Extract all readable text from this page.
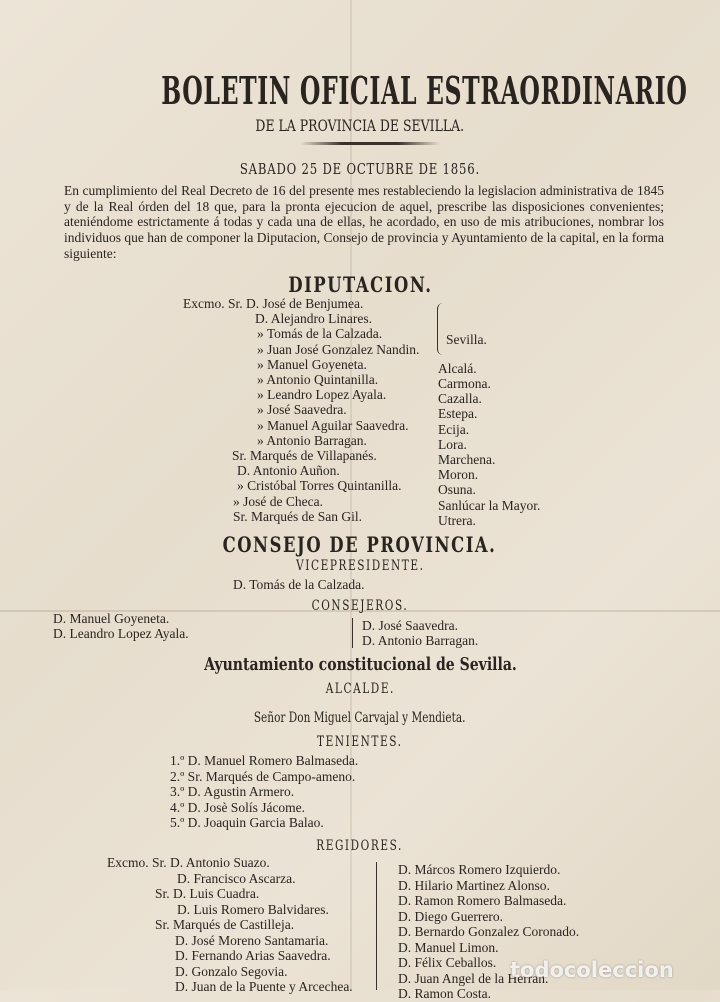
BOLETIN OFICIAL ESTRAORDINARIO
DE LA PROVINCIA DE SEVILLA.
SABADO 25 DE OCTUBRE DE 1856.
En cumplimiento del Real Decreto de 16 del presente mes restableciendo la legislacion administrativa de 1845 y de la Real órden del 18 que, para la pronta ejecucion de aquel, prescribe las disposiciones convenientes; ateniéndome estrictamente á todas y cada una de ellas, he acordado, en uso de mis atribuciones, nombrar los individuos que han de componer la Diputacion, Consejo de provincia y Ayuntamiento de la capital, en la forma siguiente:
DIPUTACION.
Excmo. Sr. D. José de Benjumea.
D. Alejandro Linares.
» Tomás de la Calzada.	Sevilla.
» Juan José Gonzalez Nandin.
» Manuel Goyeneta.	Alcalá.
» Antonio Quintanilla.	Carmona.
» Leandro Lopez Ayala.	Cazalla.
» José Saavedra.	Estepa.
» Manuel Aguilar Saavedra. Ecija.
» Antonio Barragan.	Lora.
Sr. Marqués de Villapanés.	Marchena.
D. Antonio Auñon.	Moron.
» Cristóbal Torres Quintanilla.	Osuna.
» José de Checa.	Sanlúcar la Mayor.
Sr. Marqués de San Gil.	Utrera.
CONSEJO DE PROVINCIA.
VICEPRESIDENTE.
D. Tomás de la Calzada.
CONSEJEROS.
D. Manuel Goyeneta.
D. Leandro Lopez Ayala.
D. José Saavedra.
D. Antonio Barragan.
Ayuntamiento constitucional de Sevilla.
ALCALDE.
Señor Don Miguel Carvajal y Mendieta.
TENIENTES.
1.º D. Manuel Romero Balmaseda.
2.º Sr. Marqués de Campo-ameno.
3.º D. Agustin Armero.
4.º D. Josè Solís Jácome.
5.º D. Joaquin Garcia Balao.
REGIDORES.
Excmo. Sr. D. Antonio Suazo.
D. Francisco Ascarza.
Sr. D. Luis Cuadra.
D. Luis Romero Balvidares.
Sr. Marqués de Castilleja.
D. José Moreno Santamaria.
D. Fernando Arias Saavedra.
D. Gonzalo Segovia.
D. Juan de la Puente y Arcechea.
D. Márcos Romero Izquierdo.
D. Hilario Martinez Alonso.
D. Ramon Romero Balmaseda.
D. Diego Guerrero.
D. Bernardo Gonzalez Coronado.
D. Manuel Limon.
D. Félix Ceballos.
D. Juan Angel de la Herran.
D. Ramon Costa.
todocoleccion
